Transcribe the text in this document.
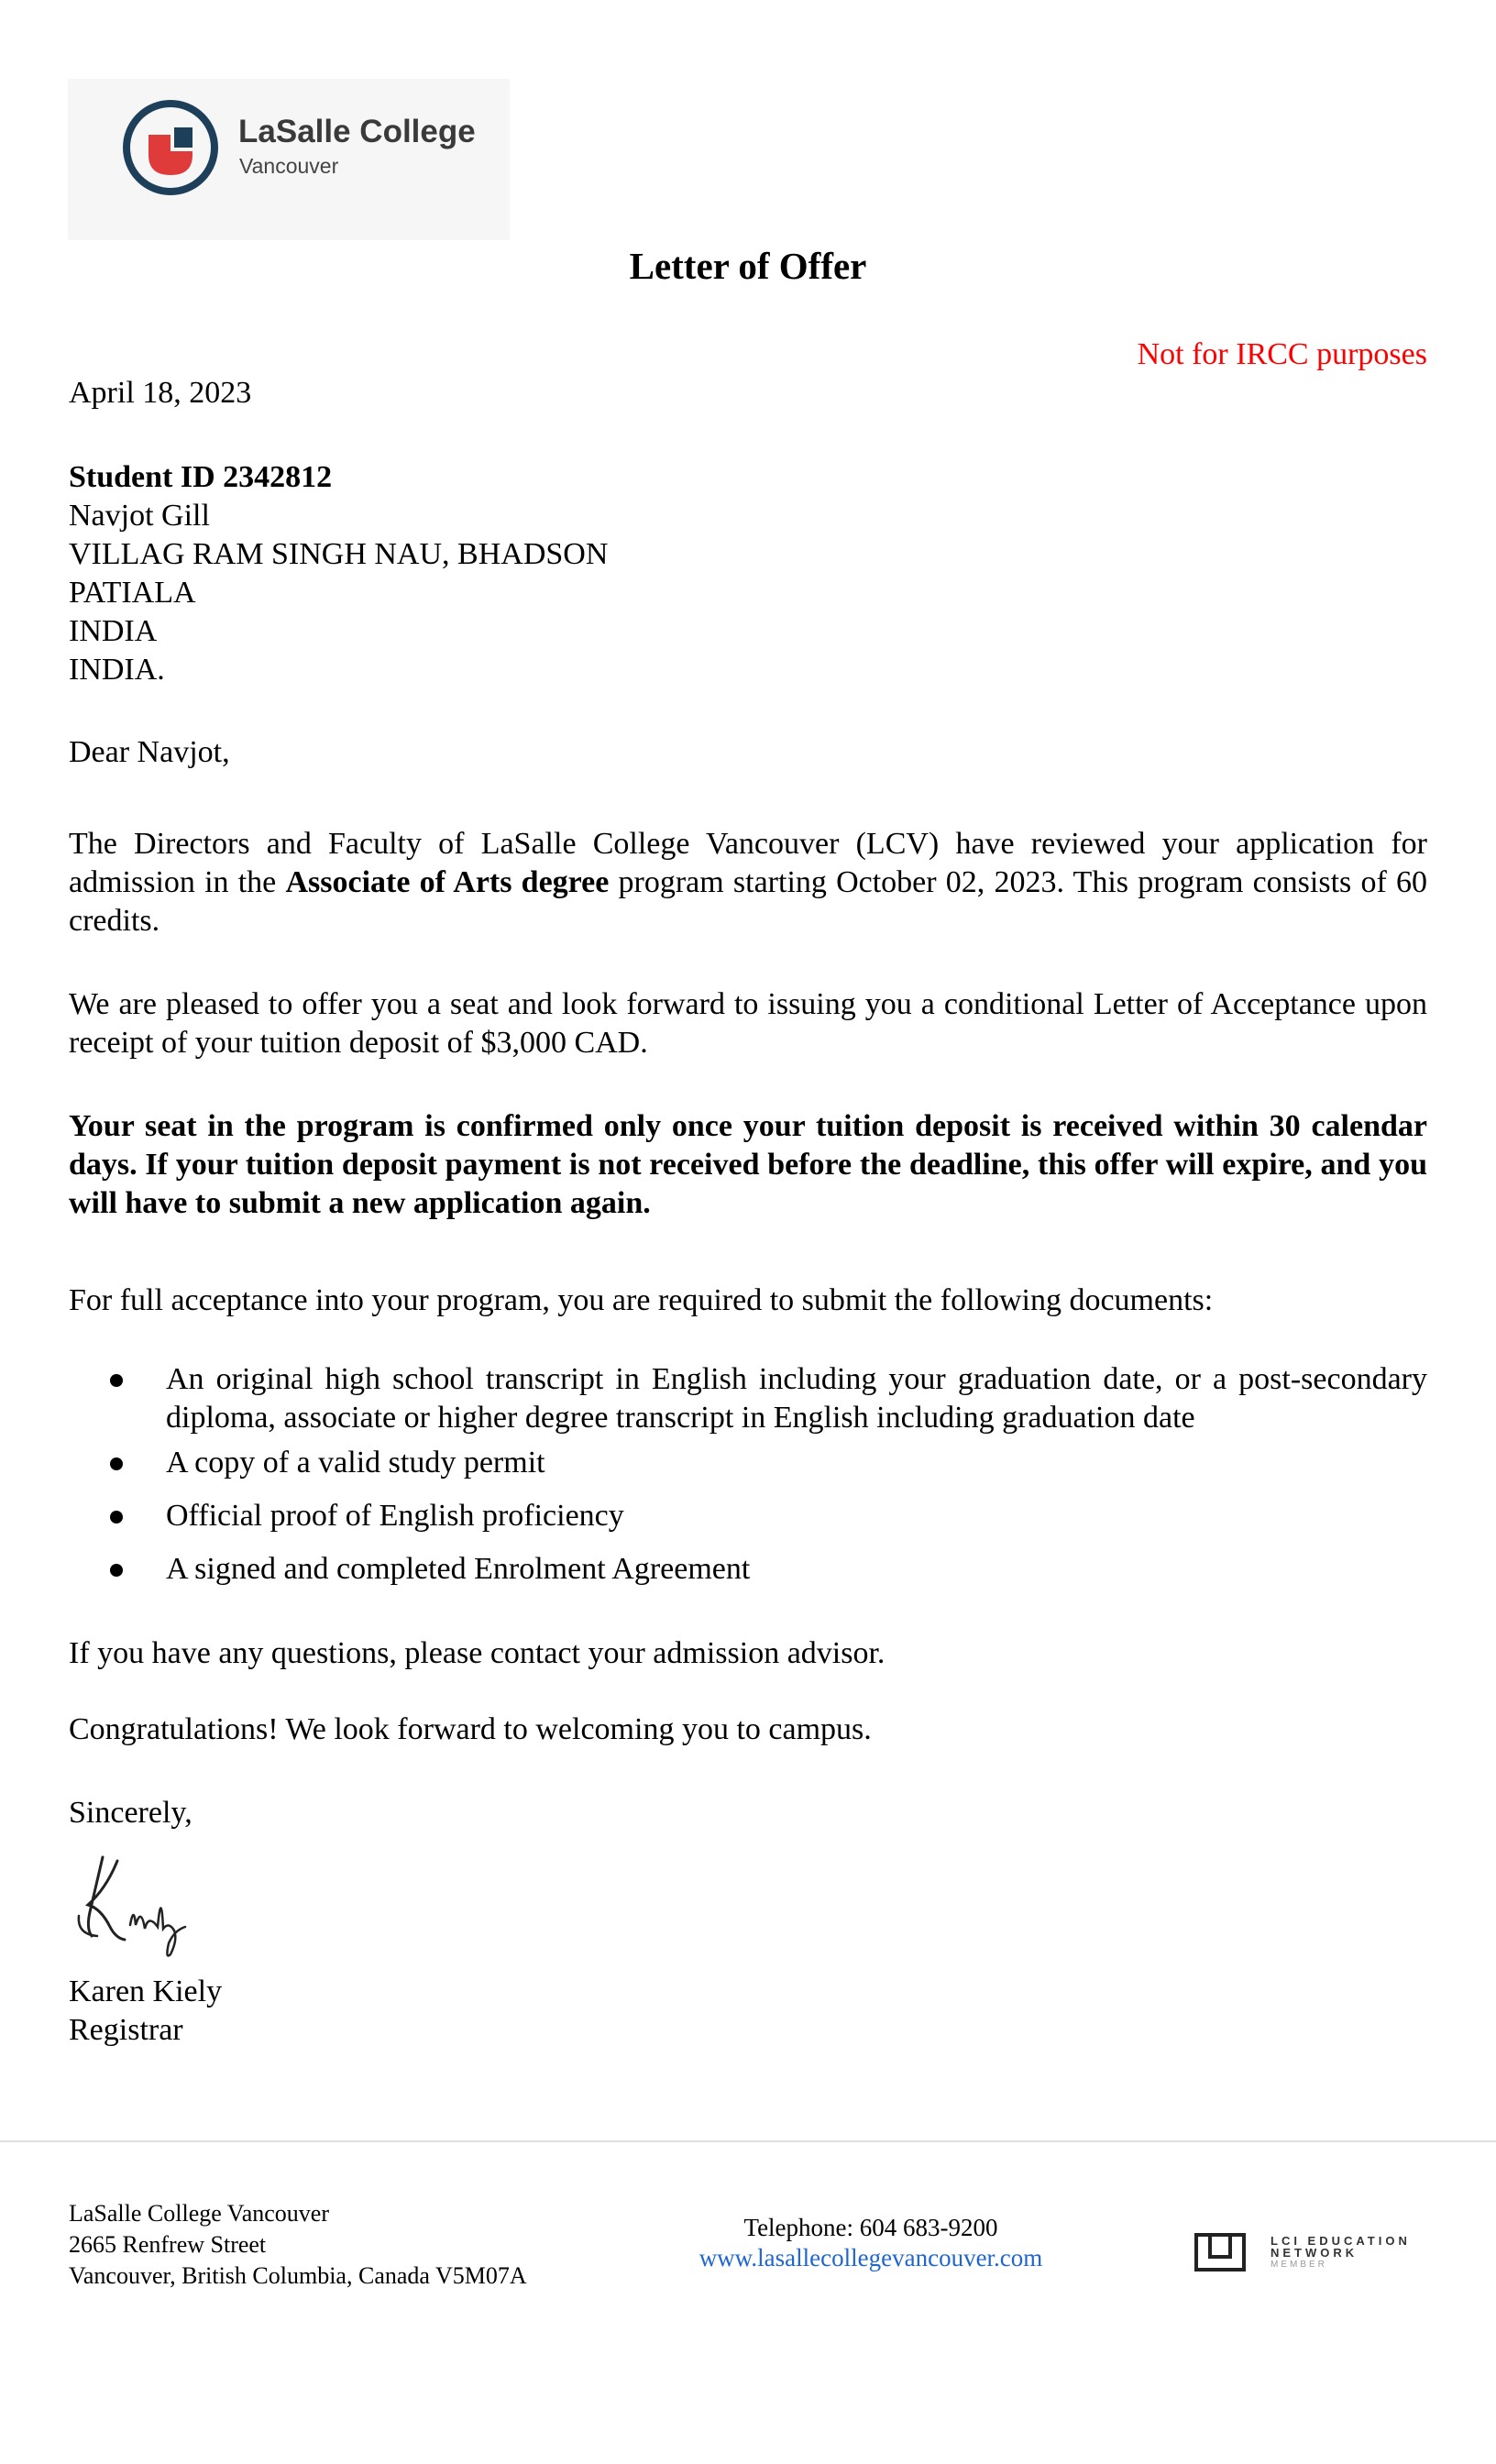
LaSalle College
Vancouver
Letter of Offer
Not for IRCC purposes
April 18, 2023
Student ID 2342812
Navjot Gill
VILLAG RAM SINGH NAU, BHADSON
PATIALA
INDIA
INDIA.
Dear Navjot,
The Directors and Faculty of LaSalle College Vancouver (LCV) have reviewed your application for admission in the Associate of Arts degree program starting October 02, 2023. This program consists of 60 credits.
We are pleased to offer you a seat and look forward to issuing you a conditional Letter of Acceptance upon receipt of your tuition deposit of $3,000 CAD.
Your seat in the program is confirmed only once your tuition deposit is received within 30 calendar days. If your tuition deposit payment is not received before the deadline, this offer will expire, and you will have to submit a new application again.
For full acceptance into your program, you are required to submit the following documents:
An original high school transcript in English including your graduation date, or a post-secondary diploma, associate or higher degree transcript in English including graduation date
A copy of a valid study permit
Official proof of English proficiency
A signed and completed Enrolment Agreement
If you have any questions, please contact your admission advisor.
Congratulations! We look forward to welcoming you to campus.
Sincerely,
Karen Kiely
Registrar
LaSalle College Vancouver
2665 Renfrew Street
Vancouver, British Columbia, Canada V5M07A
Telephone: 604 683-9200
www.lasallecollegevancouver.com
LCI EDUCATION
NETWORK
MEMBER
